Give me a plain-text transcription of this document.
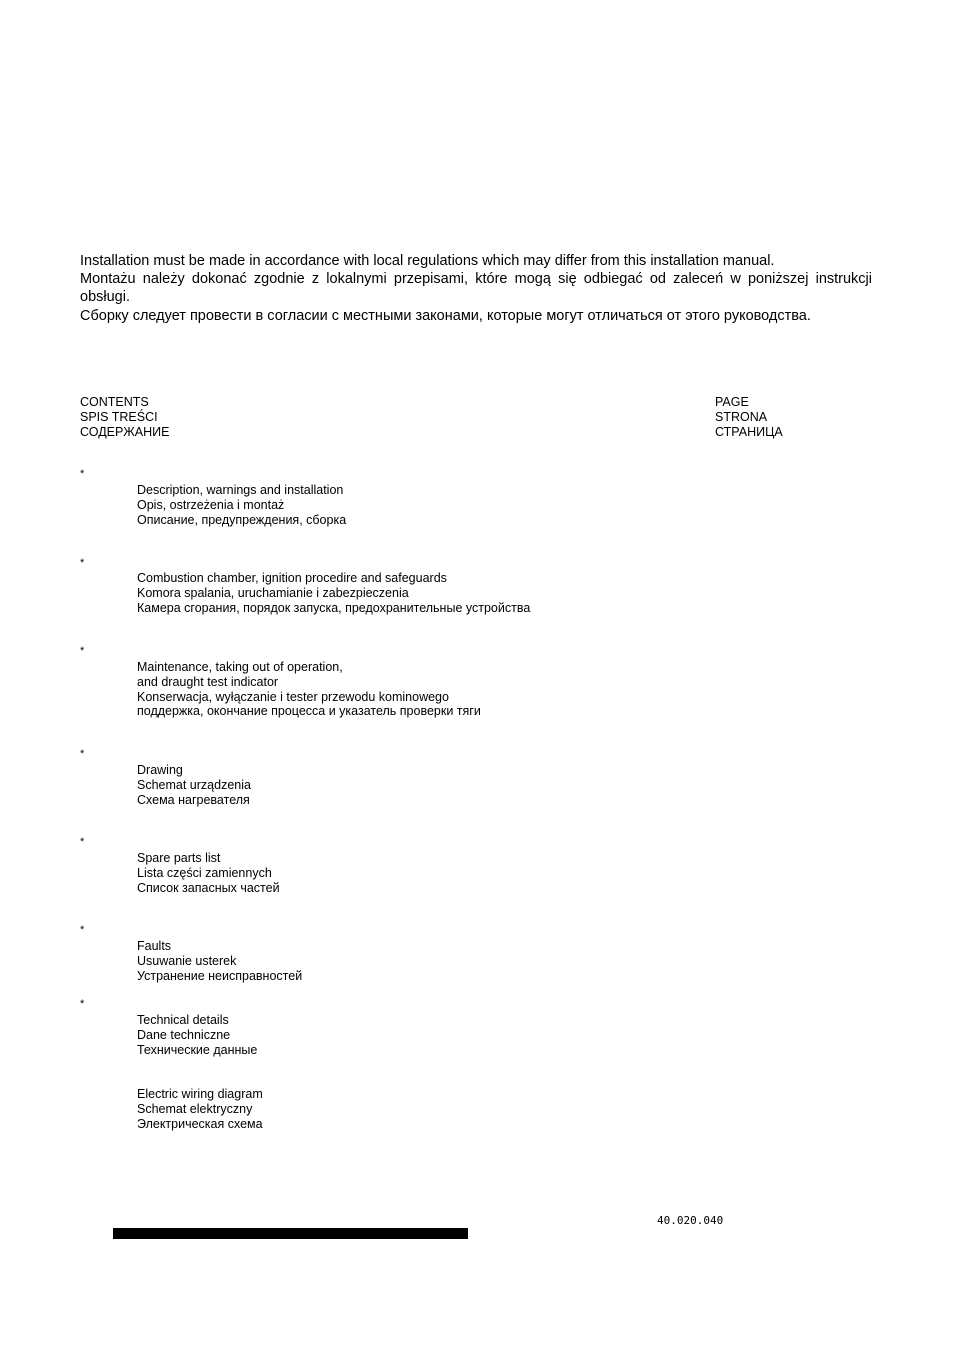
Installation must be made in accordance with local regulations which may differ from this installation manual.

Montażu należy dokonać zgodnie z lokalnymi przepisami, które mogą się odbiegać od zaleceń w poniższej instrukcji obsługi.

Сборку следует провести в согласии с местными законами, которые могут отличаться от этого руководства.

CONTENTS
SPIS TREŚCI
СОДЕРЖАНИЕ
PAGE
STRONA
СТРАНИЦА
*
Description, warnings and installation
Opis, ostrzeżenia i montaż
Описание, предупреждения, сборка
*
Combustion chamber, ignition procedire and safeguards
Komora spalania, uruchamianie i zabezpieczenia
Камера сгорания, порядок запуска, предохранительные устройства
*
Maintenance, taking out of operation,
and draught test indicator
Konserwacja, wyłączanie i tester przewodu kominowego
поддержка, окончание процесса и указатель проверки тяги
*
Drawing
Schemat urządzenia
Схема нагревателя
*
Spare parts list
Lista części zamiennych
Список запасных частей
*
Faults
Usuwanie usterek
Устранение неисправностей
*
Technical details
Dane techniczne
Технические данные
Electric wiring diagram
Schemat elektryczny
Электрическая схема
40.020.040
